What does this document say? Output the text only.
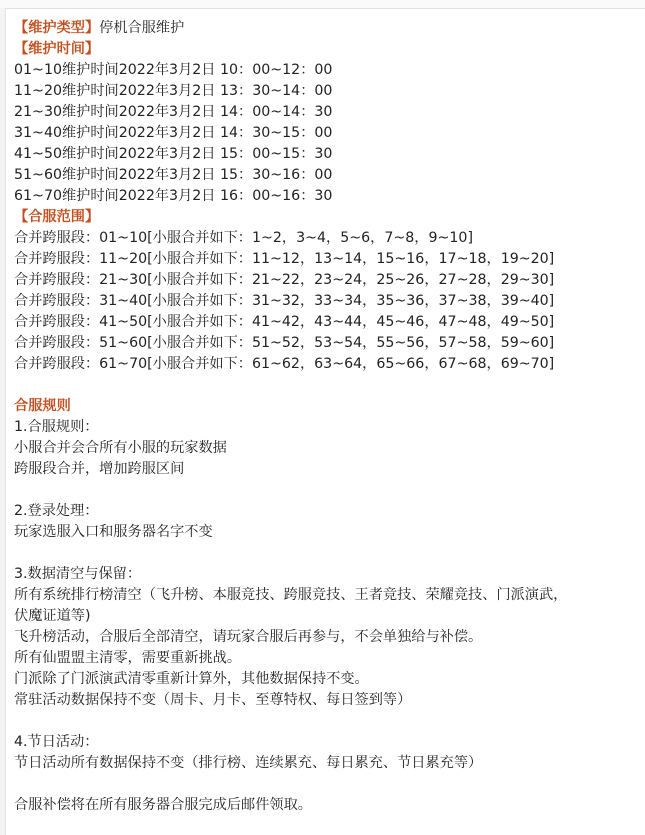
【维护类型】停机合服维护
【维护时间】
01~10维护时间2022年3月2日 10：00~12：00
11~20维护时间2022年3月2日 13：30~14：00
21~30维护时间2022年3月2日 14：00~14：30
31~40维护时间2022年3月2日 14：30~15：00
41~50维护时间2022年3月2日 15：00~15：30
51~60维护时间2022年3月2日 15：30~16：00
61~70维护时间2022年3月2日 16：00~16：30
【合服范围】
合并跨服段：01~10[小服合并如下：1~2，3~4，5~6，7~8，9~10]
合并跨服段：11~20[小服合并如下：11~12，13~14，15~16，17~18，19~20]
合并跨服段：21~30[小服合并如下：21~22，23~24，25~26，27~28，29~30]
合并跨服段：31~40[小服合并如下：31~32，33~34，35~36，37~38，39~40]
合并跨服段：41~50[小服合并如下：41~42，43~44，45~46，47~48，49~50]
合并跨服段：51~60[小服合并如下：51~52，53~54，55~56，57~58，59~60]
合并跨服段：61~70[小服合并如下：61~62，63~64，65~66，67~68，69~70]
合服规则
1.合服规则：
小服合并会合所有小服的玩家数据
跨服段合并，增加跨服区间
2.登录处理：
玩家选服入口和服务器名字不变
3.数据清空与保留：
所有系统排行榜清空（飞升榜、本服竞技、跨服竞技、王者竞技、荣耀竞技、门派演武，
伏魔证道等)
飞升榜活动，合服后全部清空，请玩家合服后再参与，不会单独给与补偿。
所有仙盟盟主清零，需要重新挑战。
门派除了门派演武清零重新计算外，其他数据保持不变。
常驻活动数据保持不变（周卡、月卡、至尊特权、每日签到等）
4.节日活动：
节日活动所有数据保持不变（排行榜、连续累充、每日累充、节日累充等）
合服补偿将在所有服务器合服完成后邮件领取。
